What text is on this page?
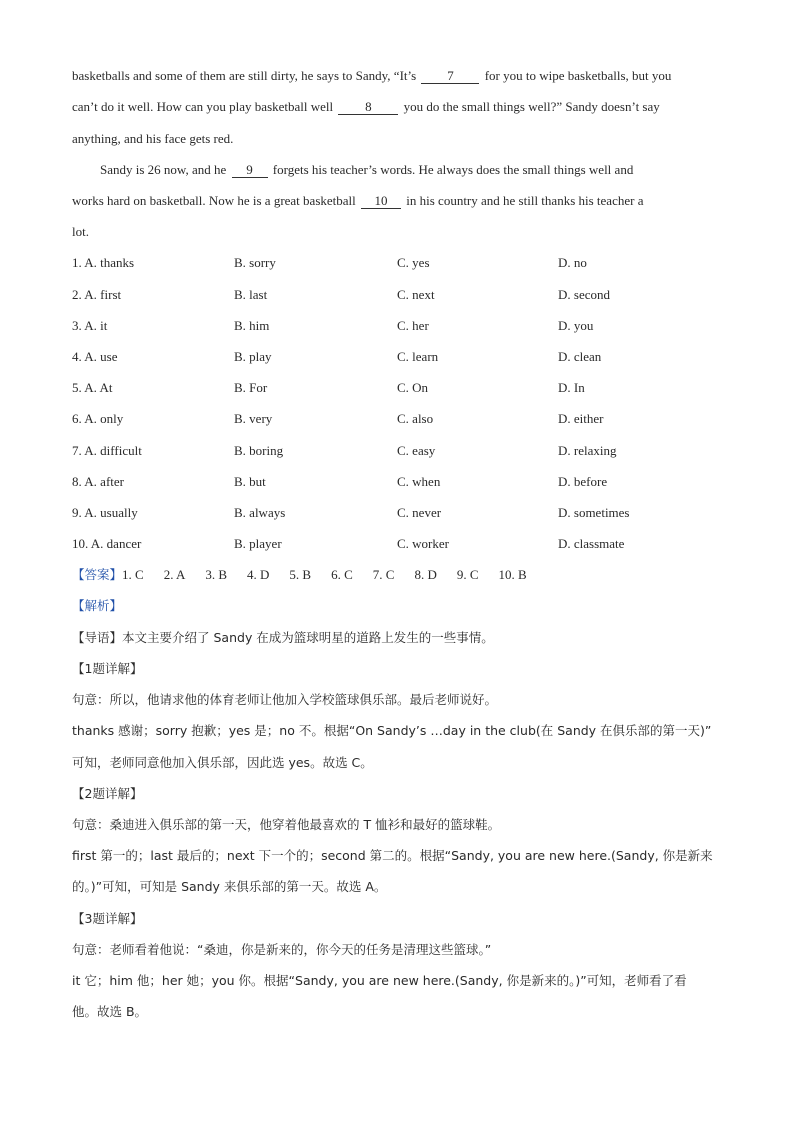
basketballs and some of them are still dirty, he says to Sandy, “It’s 7 for you to wipe basketballs, but you
can’t do it well. How can you play basketball well 8 you do the small things well?” Sandy doesn’t say
anything, and his face gets red.
Sandy is 26 now, and he 9 forgets his teacher’s words. He always does the small things well and
works hard on basketball. Now he is a great basketball 10 in his country and he still thanks his teacher a
lot.
1. A. thanks	B. sorry	C. yes	D. no
2. A. first	B. last	C. next	D. second
3. A. it	B. him	C. her	D. you
4. A. use	B. play	C. learn	D. clean
5. A. At	B. For	C. On	D. In
6. A. only	B. very	C. also	D. either
7. A. difficult	B. boring	C. easy	D. relaxing
8. A. after	B. but	C. when	D. before
9. A. usually	B. always	C. never	D. sometimes
10. A. dancer	B. player	C. worker	D. classmate
【答案】1. C 2. A 3. B 4. D 5. B 6. C 7. C 8. D 9. C 10. B
【解析】
【导语】本文主要介绍了 Sandy 在成为篮球明星的道路上发生的一些事情。
【1题详解】
句意：所以，他请求他的体育老师让他加入学校篮球俱乐部。最后老师说好。
thanks 感谢；sorry 抱歉；yes 是；no 不。根据“On Sandy’s …day in the club(在 Sandy 在俱乐部的第一天)”
可知，老师同意他加入俱乐部，因此选 yes。故选 C。
【2题详解】
句意：桑迪进入俱乐部的第一天，他穿着他最喜欢的 T 恤衫和最好的篮球鞋。
first 第一的；last 最后的；next 下一个的；second 第二的。根据“Sandy, you are new here.(Sandy, 你是新来
的。)”可知，可知是 Sandy 来俱乐部的第一天。故选 A。
【3题详解】
句意：老师看着他说：“桑迪，你是新来的，你今天的任务是清理这些篮球。”
it 它；him 他；her 她；you 你。根据“Sandy, you are new here.(Sandy, 你是新来的。)”可知，老师看了看
他。故选 B。
